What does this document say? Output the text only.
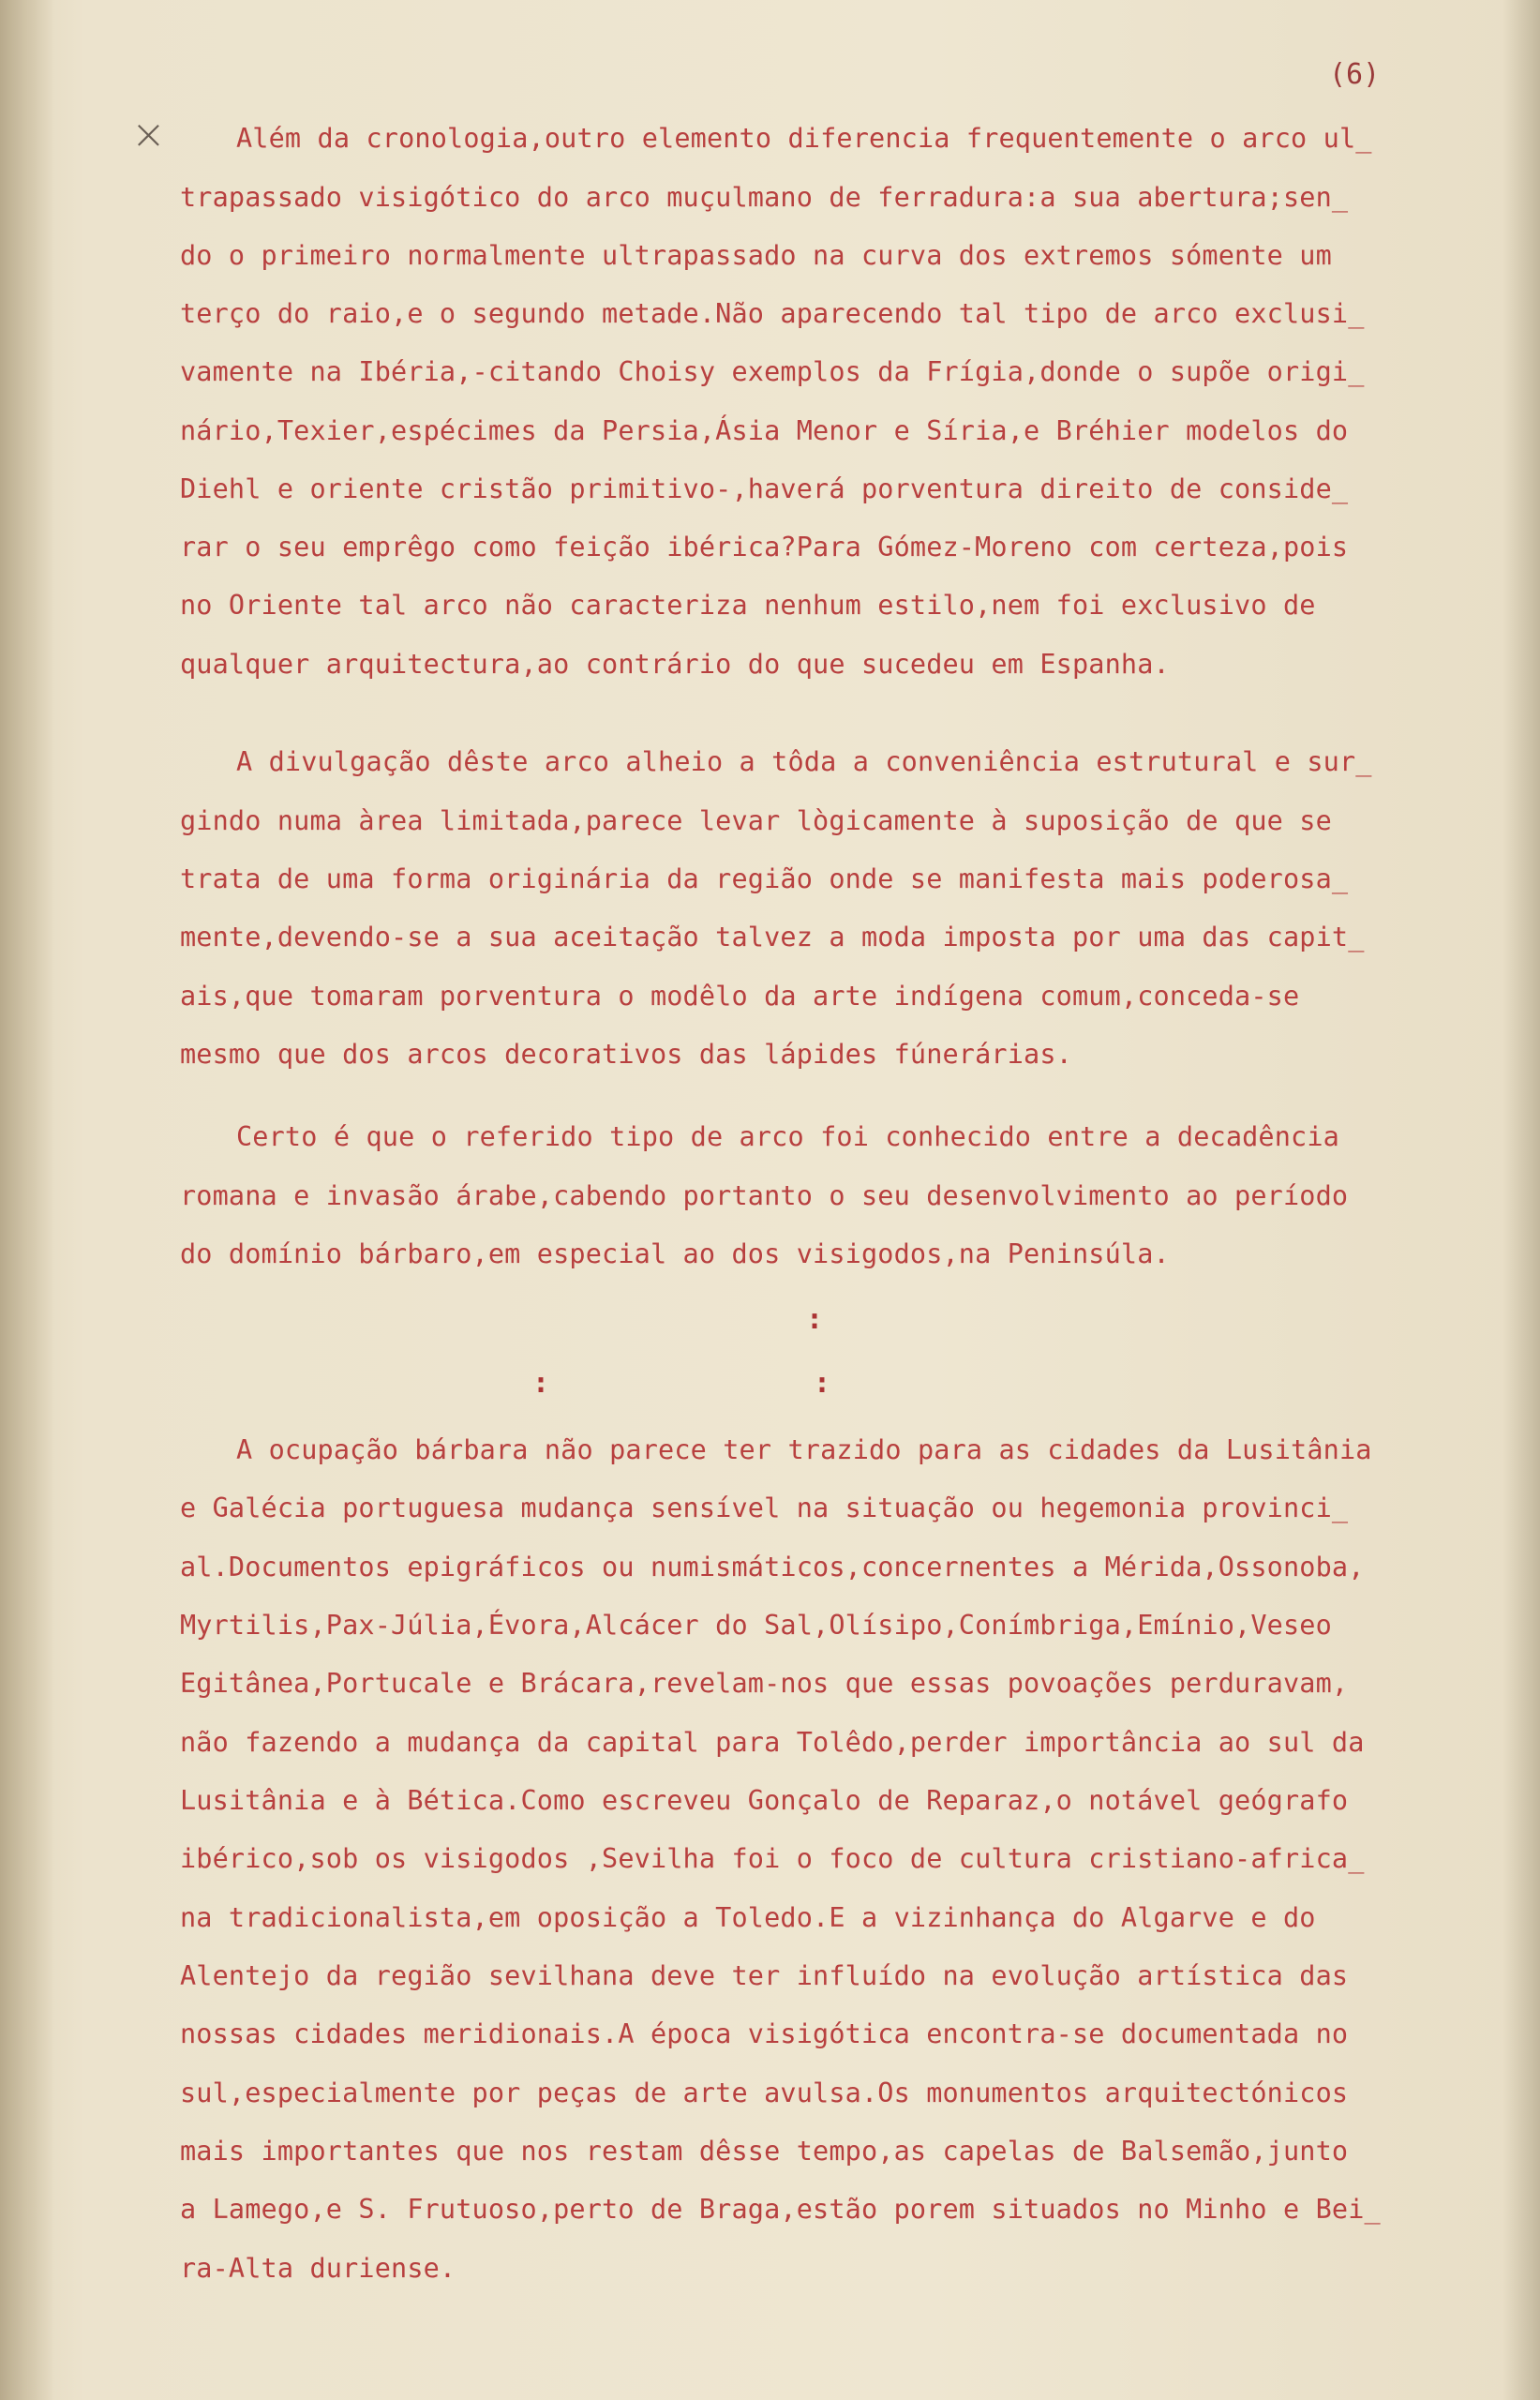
(6)

×	Além da cronologia,outro elemento diferencia frequentemente o arco ul_

trapassado visigótico do arco muçulmano de ferradura:a sua abertura;sen_

do o primeiro normalmente ultrapassado na curva dos extremos sómente um

terço do raio,e o segundo metade.Não aparecendo tal tipo de arco exclusi_

vamente na Ibéria,-citando Choisy exemplos da Frígia,donde o supõe origi_

nário,Texier,espécimes da Persia,Ásia Menor e Síria,e Bréhier modelos do

Diehl e oriente cristão primitivo-,haverá porventura direito de conside_

rar o seu emprêgo como feição ibérica?Para Gómez-Moreno com certeza,pois

no Oriente tal arco não caracteriza nenhum estilo,nem foi exclusivo de

qualquer arquitectura,ao contrário do que sucedeu em Espanha.

A divulgação dêste arco alheio a tôda a conveniência estrutural e sur_

gindo numa àrea limitada,parece levar lògicamente à suposição de que se

trata de uma forma originária da região onde se manifesta mais poderosa_

mente,devendo-se a sua aceitação talvez a moda imposta por uma das capit_

ais,que tomaram porventura o modêlo da arte indígena comum,conceda-se

mesmo que dos arcos decorativos das lápides fúnerárias.

Certo é que o referido tipo de arco foi conhecido entre a decadência

romana e invasão árabe,cabendo portanto o seu desenvolvimento ao período

do domínio bárbaro,em especial ao dos visigodos,na Peninsúla.

:

:	:

A ocupação bárbara não parece ter trazido para as cidades da Lusitânia

e Galécia portuguesa mudança sensível na situação ou hegemonia provinci_

al.Documentos epigráficos ou numismáticos,concernentes a Mérida,Ossonoba,

Myrtilis,Pax-Júlia,Évora,Alcácer do Sal,Olísipo,Conímbriga,Emínio,Veseo

Egitânea,Portucale e Brácara,revelam-nos que essas povoações perduravam,

não fazendo a mudança da capital para Tolêdo,perder importância ao sul da

Lusitânia e à Bética.Como escreveu Gonçalo de Reparaz,o notável geógrafo

ibérico,sob os visigodos ,Sevilha foi o foco de cultura cristiano-africa_

na tradicionalista,em oposição a Toledo.E a vizinhança do Algarve e do

Alentejo da região sevilhana deve ter influído na evolução artística das

nossas cidades meridionais.A época visigótica encontra-se documentada no

sul,especialmente por peças de arte avulsa.Os monumentos arquitectónicos

mais importantes que nos restam dêsse tempo,as capelas de Balsemão,junto

a Lamego,e S. Frutuoso,perto de Braga,estão porem situados no Minho e Bei_

ra-Alta duriense.
